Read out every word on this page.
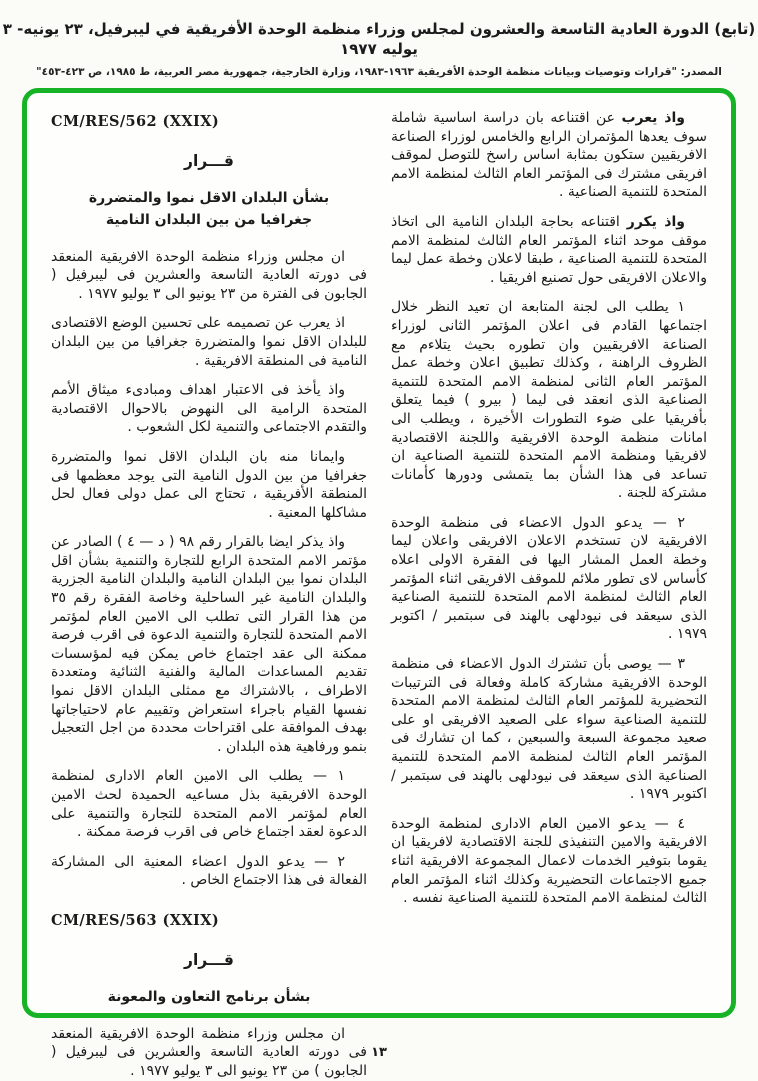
(تابع) الدورة العادية التاسعة والعشرون لمجلس وزراء منظمة الوحدة الأفريقية في ليبرفيل، ٢٣ يونيه- ٣ يوليه ١٩٧٧
المصدر: "قرارات وتوصيات وبيانات منظمة الوحدة الأفريقية ١٩٦٣-١٩٨٣، وزارة الخارجية، جمهورية مصر العربية، ط ١٩٨٥، ص ٤٢٣-٤٥٣"

واذ يعرب عن اقتناعه بان دراسة اساسية شاملة سوف يعدها المؤتمران الرابع والخامس لوزراء الصناعة الافريقيين ستكون بمثابة اساس راسخ للتوصل لموقف افريقى مشترك فى المؤتمر العام الثالث لمنظمة الامم المتحدة للتنمية الصناعية .

واذ يكرر اقتناعه بحاجة البلدان النامية الى اتخاذ موقف موحد اثناء المؤتمر العام الثالث لمنظمة الامم المتحدة للتنمية الصناعية ، طبقا لاعلان وخطة عمل ليما والاعلان الافريقى حول تصنيع افريقيا .

١ يطلب الى لجنة المتابعة ان تعيد النظر خلال اجتماعها القادم فى اعلان المؤتمر الثانى لوزراء الصناعة الافريقيين وان تطوره بحيث يتلاءم مع الظروف الراهنة ، وكذلك تطبيق اعلان وخطة عمل المؤتمر العام الثانى لمنظمة الامم المتحدة للتنمية الصناعية الذى انعقد فى ليما ( بيرو ) فيما يتعلق بأفريقيا على ضوء التطورات الأخيرة ، ويطلب الى امانات منظمة الوحدة الافريقية واللجنة الاقتصادية لافريقيا ومنظمة الامم المتحدة للتنمية الصناعية ان تساعد فى هذا الشأن بما يتمشى ودورها كأمانات مشتركة للجنة .

٢ — يدعو الدول الاعضاء فى منظمة الوحدة الافريقية لان تستخدم الاعلان الافريقى واعلان ليما وخطة العمل المشار اليها فى الفقرة الاولى اعلاه كأساس لاى تطور ملائم للموقف الافريقى اثناء المؤتمر العام الثالث لمنظمة الامم المتحدة للتنمية الصناعية الذى سيعقد فى نيودلهى بالهند فى سبتمبر / اكتوبر ١٩٧٩ .

٣ — يوصى بأن تشترك الدول الاعضاء فى منظمة الوحدة الافريقية مشاركة كاملة وفعالة فى الترتيبات التحضيرية للمؤتمر العام الثالث لمنظمة الامم المتحدة للتنمية الصناعية سواء على الصعيد الافريقى او على صعيد مجموعة السبعة والسبعين ، كما ان تشارك فى المؤتمر العام الثالث لمنظمة الامم المتحدة للتنمية الصناعية الذى سيعقد فى نيودلهى بالهند فى سبتمبر / اكتوبر ١٩٧٩ .

٤ — يدعو الامين العام الادارى لمنظمة الوحدة الافريقية والامين التنفيذى للجنة الاقتصادية لافريقيا ان يقوما بتوفير الخدمات لاعمال المجموعة الافريقية اثناء جميع الاجتماعات التحضيرية وكذلك اثناء المؤتمر العام الثالث لمنظمة الامم المتحدة للتنمية الصناعية نفسه .

CM/RES/562 (XXIX)
قـــرار
بشأن البلدان الاقل نموا والمتضررة جغرافيا من بين البلدان النامية

ان مجلس وزراء منظمة الوحدة الافريقية المنعقد فى دورته العادية التاسعة والعشرين فى ليبرفيل ( الجابون فى الفترة من ٢٣ يونيو الى ٣ يوليو ١٩٧٧ .

اذ يعرب عن تصميمه على تحسين الوضع الاقتصادى للبلدان الاقل نموا والمتضررة جغرافيا من بين البلدان النامية فى المنطقة الافريقية .

واذ يأخذ فى الاعتبار اهداف ومبادىء ميثاق الأمم المتحدة الرامية الى النهوض بالاحوال الاقتصادية والتقدم الاجتماعى والتنمية لكل الشعوب .

وايمانا منه بان البلدان الاقل نموا والمتضررة جغرافيا من بين الدول النامية التى يوجد معظمها فى المنطقة الأفريقية ، تحتاج الى عمل دولى فعال لحل مشاكلها المعنية .

واذ يذكر ايضا بالقرار رقم ٩٨ ( د — ٤ ) الصادر عن مؤتمر الامم المتحدة الرابع للتجارة والتنمية بشأن اقل البلدان نموا بين البلدان النامية والبلدان النامية الجزرية والبلدان النامية غير الساحلية وخاصة الفقرة رقم ٣٥ من هذا القرار التى تطلب الى الامين العام لمؤتمر الامم المتحدة للتجارة والتنمية الدعوة فى اقرب فرصة ممكنة الى عقد اجتماع خاص يمكن فيه لمؤسسات تقديم المساعدات المالية والفنية الثنائية ومتعددة الاطراف ، بالاشتراك مع ممثلى البلدان الاقل نموا نفسها القيام باجراء استعراض وتقييم عام لاحتياجاتها بهدف الموافقة على اقتراحات محددة من اجل التعجيل بنمو ورفاهية هذه البلدان .

١ — يطلب الى الامين العام الادارى لمنظمة الوحدة الافريقية بذل مساعيه الحميدة لحث الامين العام لمؤتمر الامم المتحدة للتجارة والتنمية على الدعوة لعقد اجتماع خاص فى اقرب فرصة ممكنة .

٢ — يدعو الدول اعضاء المعنية الى المشاركة الفعالة فى هذا الاجتماع الخاص .

CM/RES/563 (XXIX)
قـــرار
بشأن برنامج التعاون والمعونة

ان مجلس وزراء منظمة الوحدة الافريقية المنعقد فى دورته العادية التاسعة والعشرين فى ليبرفيل ( الجابون ) من ٢٣ يونيو الى ٣ يوليو ١٩٧٧ .

١٣
